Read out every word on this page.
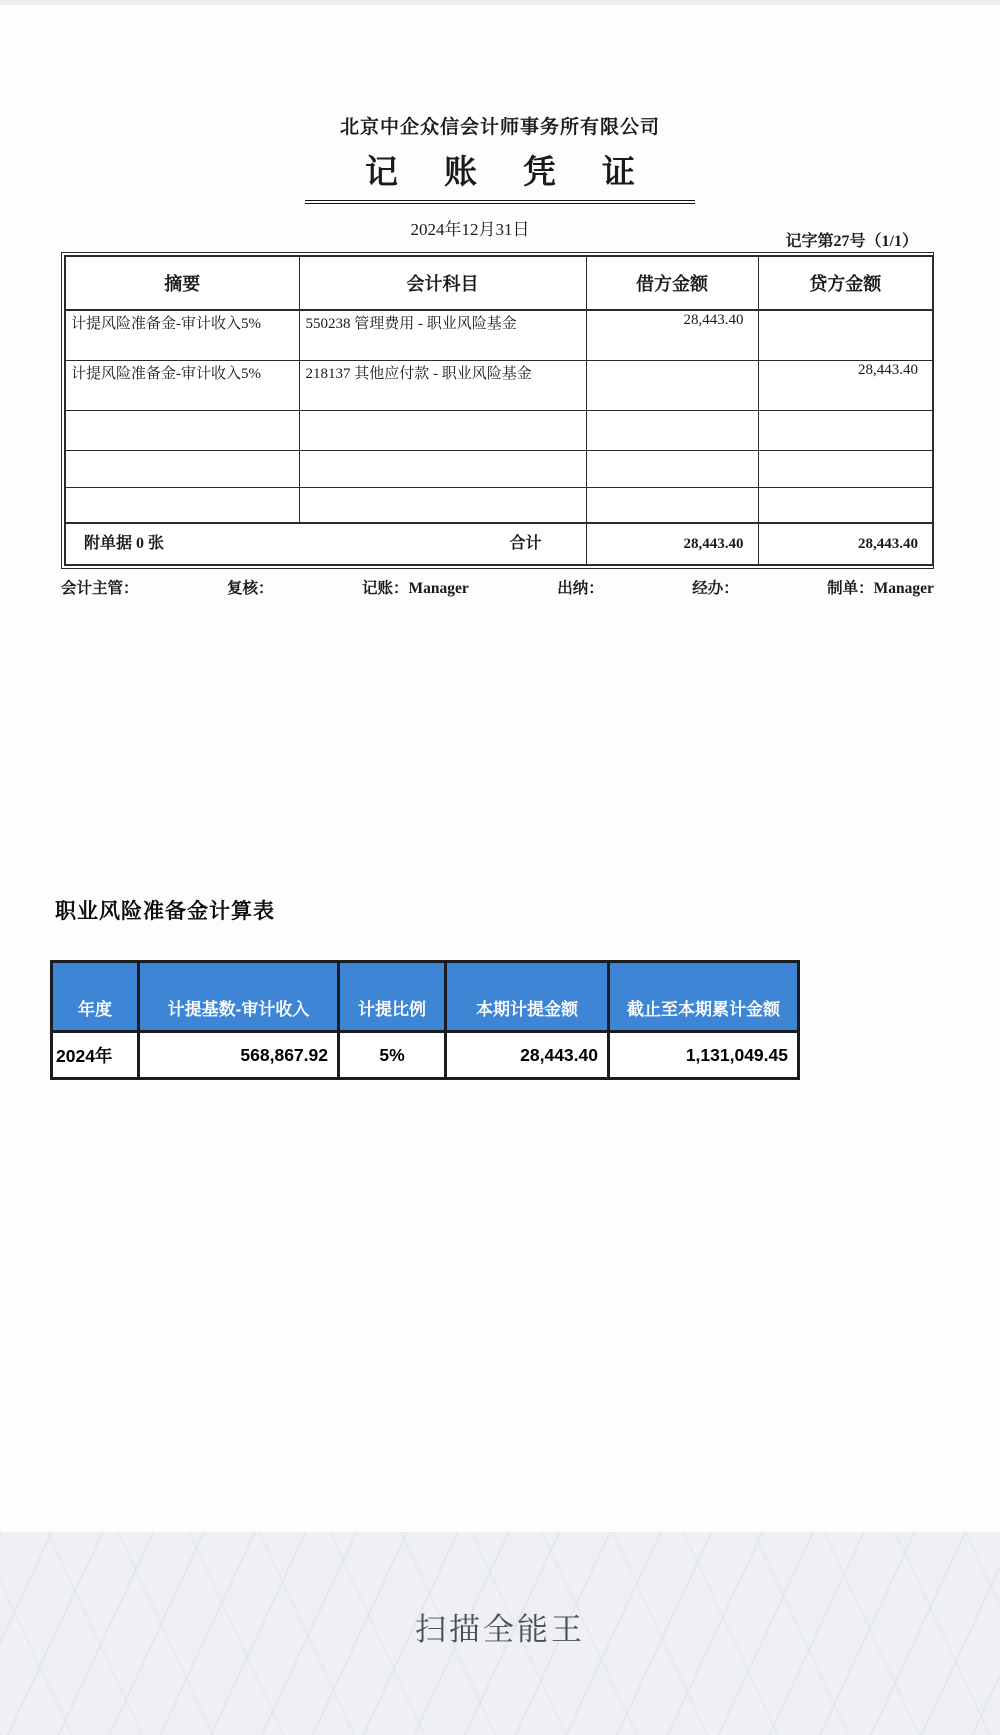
北京中企众信会计师事务所有限公司
记账凭证
2024年12月31日
记字第27号（1/1）
摘要	会计科目	借方金额	贷方金额
计提风险准备金-审计收入5%	550238 管理费用 - 职业风险基金	28,443.40	
计提风险准备金-审计收入5%	218137 其他应付款 - 职业风险基金		28,443.40

附单据 0 张 合计		28,443.40	28,443.40
会计主管：	复核：	记账：Manager	出纳：	经办：	制单：Manager
职业风险准备金计算表
年度	计提基数-审计收入	计提比例	本期计提金额	截止至本期累计金额
2024年	568,867.92	5%	28,443.40	1,131,049.45
扫描全能王
